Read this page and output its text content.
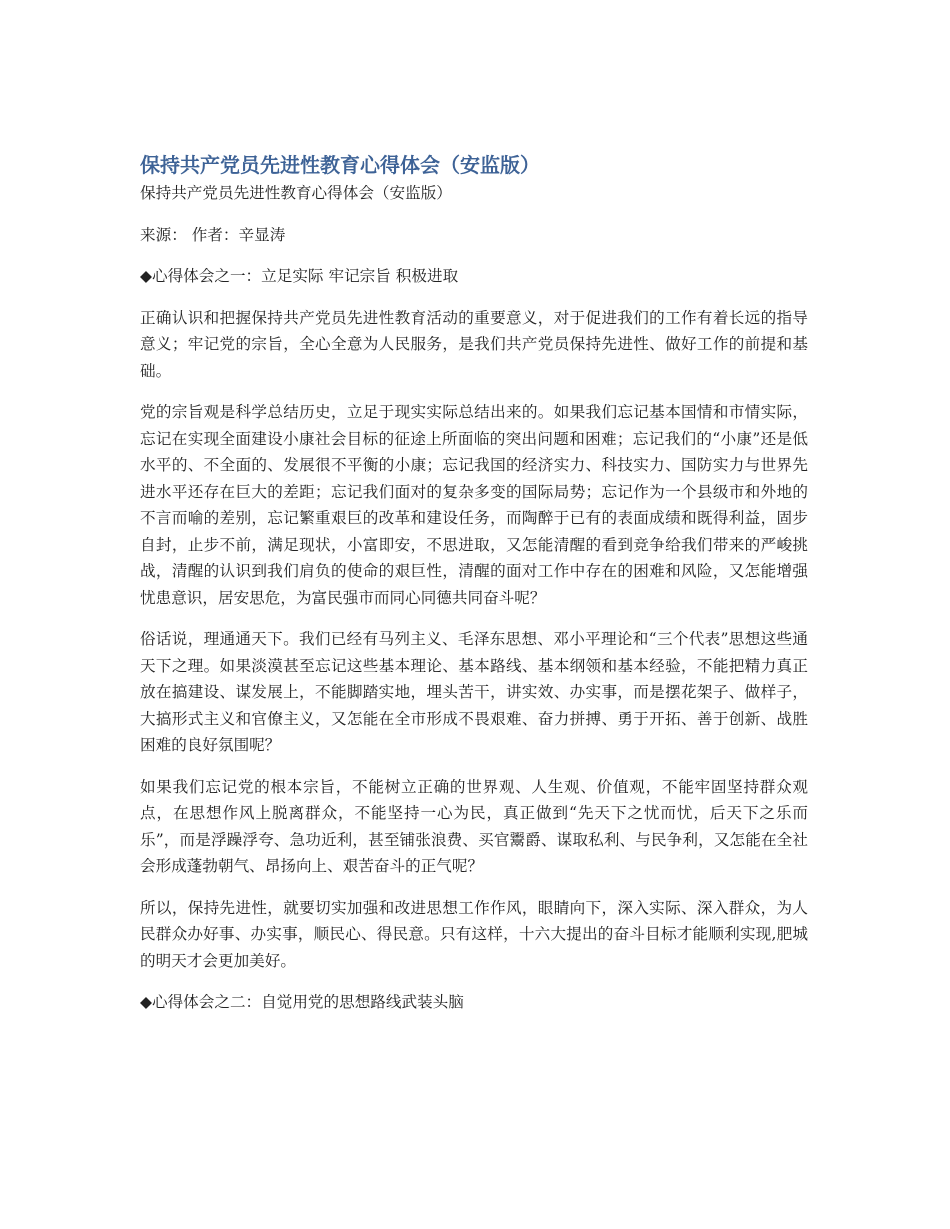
保持共产党员先进性教育心得体会（安监版）

保持共产党员先进性教育心得体会（安监版）

来源： 作者：辛显涛

◆心得体会之一：立足实际 牢记宗旨 积极进取

正确认识和把握保持共产党员先进性教育活动的重要意义，对于促进我们的工作有着长远的指导意义；牢记党的宗旨，全心全意为人民服务，是我们共产党员保持先进性、做好工作的前提和基础。

党的宗旨观是科学总结历史，立足于现实实际总结出来的。如果我们忘记基本国情和市情实际，忘记在实现全面建设小康社会目标的征途上所面临的突出问题和困难；忘记我们的“小康”还是低水平的、不全面的、发展很不平衡的小康；忘记我国的经济实力、科技实力、国防实力与世界先进水平还存在巨大的差距；忘记我们面对的复杂多变的国际局势；忘记作为一个县级市和外地的不言而喻的差别，忘记繁重艰巨的改革和建设任务，而陶醉于已有的表面成绩和既得利益，固步自封，止步不前，满足现状，小富即安，不思进取，又怎能清醒的看到竞争给我们带来的严峻挑战，清醒的认识到我们肩负的使命的艰巨性，清醒的面对工作中存在的困难和风险，又怎能增强忧患意识，居安思危，为富民强市而同心同德共同奋斗呢？

俗话说，理通通天下。我们已经有马列主义、毛泽东思想、邓小平理论和“三个代表”思想这些通天下之理。如果淡漠甚至忘记这些基本理论、基本路线、基本纲领和基本经验，不能把精力真正放在搞建设、谋发展上，不能脚踏实地，埋头苦干，讲实效、办实事，而是摆花架子、做样子，大搞形式主义和官僚主义，又怎能在全市形成不畏艰难、奋力拼搏、勇于开拓、善于创新、战胜困难的良好氛围呢？

如果我们忘记党的根本宗旨，不能树立正确的世界观、人生观、价值观，不能牢固坚持群众观点，在思想作风上脱离群众，不能坚持一心为民，真正做到“先天下之忧而忧，后天下之乐而乐”，而是浮躁浮夸、急功近利，甚至铺张浪费、买官鬻爵、谋取私利、与民争利，又怎能在全社会形成蓬勃朝气、昂扬向上、艰苦奋斗的正气呢？

所以，保持先进性，就要切实加强和改进思想工作作风，眼睛向下，深入实际、深入群众，为人民群众办好事、办实事，顺民心、得民意。只有这样，十六大提出的奋斗目标才能顺利实现,肥城的明天才会更加美好。

◆心得体会之二：自觉用党的思想路线武装头脑
